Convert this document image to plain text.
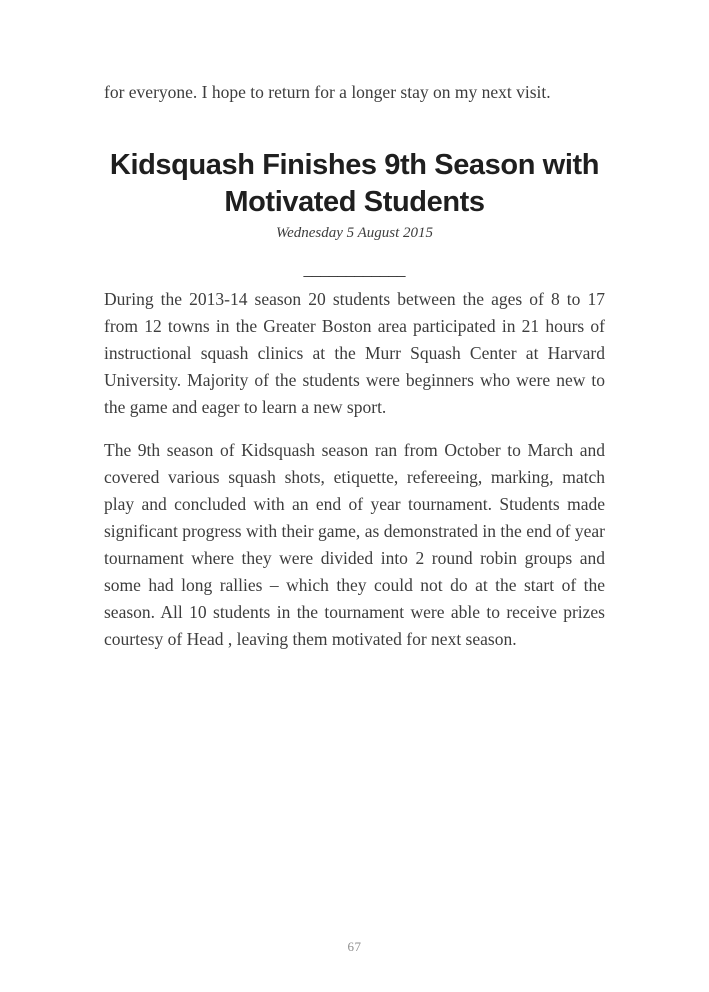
for everyone. I hope to return for a longer stay on my next visit.

Kidsquash Finishes 9th Season with
Motivated Students

Wednesday 5 August 2015

____________

During the 2013-14 season 20 students between the ages of 8 to 17 from 12 towns in the Greater Boston area participated in 21 hours of instructional squash clinics at the Murr Squash Center at Harvard University. Majority of the students were beginners who were new to the game and eager to learn a new sport.

The 9th season of Kidsquash season ran from October to March and covered various squash shots, etiquette, refereeing, marking, match play and concluded with an end of year tournament. Students made significant progress with their game, as demonstrated in the end of year tournament where they were divided into 2 round robin groups and some had long rallies – which they could not do at the start of the season. All 10 students in the tournament were able to receive prizes courtesy of Head , leaving them motivated for next season.

67
